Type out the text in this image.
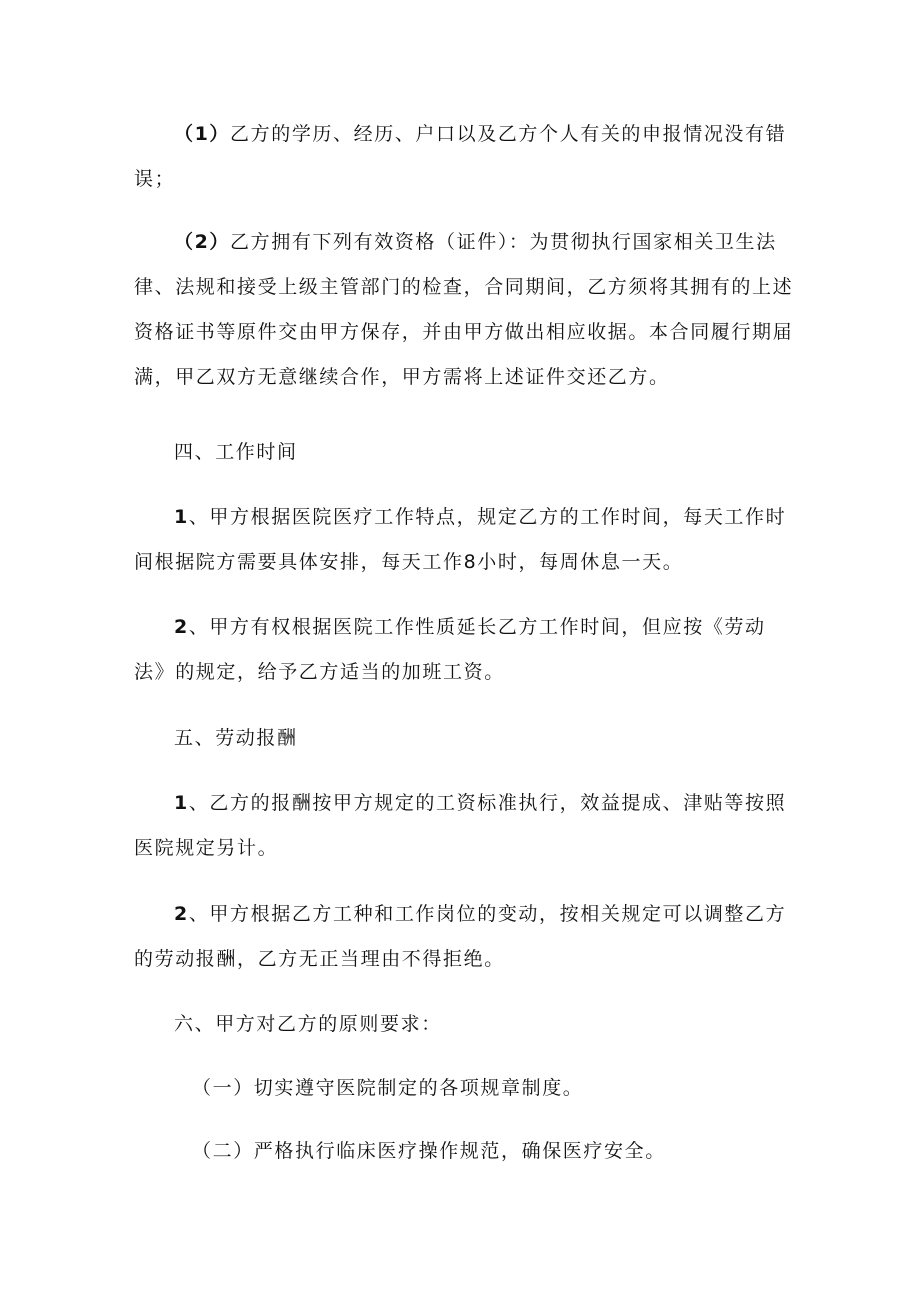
（1）乙方的学历、经历、户口以及乙方个人有关的申报情况没有错误；

（2）乙方拥有下列有效资格（证件）：为贯彻执行国家相关卫生法律、法规和接受上级主管部门的检查，合同期间，乙方须将其拥有的上述资格证书等原件交由甲方保存，并由甲方做出相应收据。本合同履行期届满，甲乙双方无意继续合作，甲方需将上述证件交还乙方。

四、工作时间

1、甲方根据医院医疗工作特点，规定乙方的工作时间，每天工作时间根据院方需要具体安排，每天工作8小时，每周休息一天。

2、甲方有权根据医院工作性质延长乙方工作时间，但应按《劳动法》的规定，给予乙方适当的加班工资。

五、劳动报酬

1、乙方的报酬按甲方规定的工资标准执行，效益提成、津贴等按照医院规定另计。

2、甲方根据乙方工种和工作岗位的变动，按相关规定可以调整乙方的劳动报酬，乙方无正当理由不得拒绝。

六、甲方对乙方的原则要求：

（一）切实遵守医院制定的各项规章制度。

（二）严格执行临床医疗操作规范，确保医疗安全。
